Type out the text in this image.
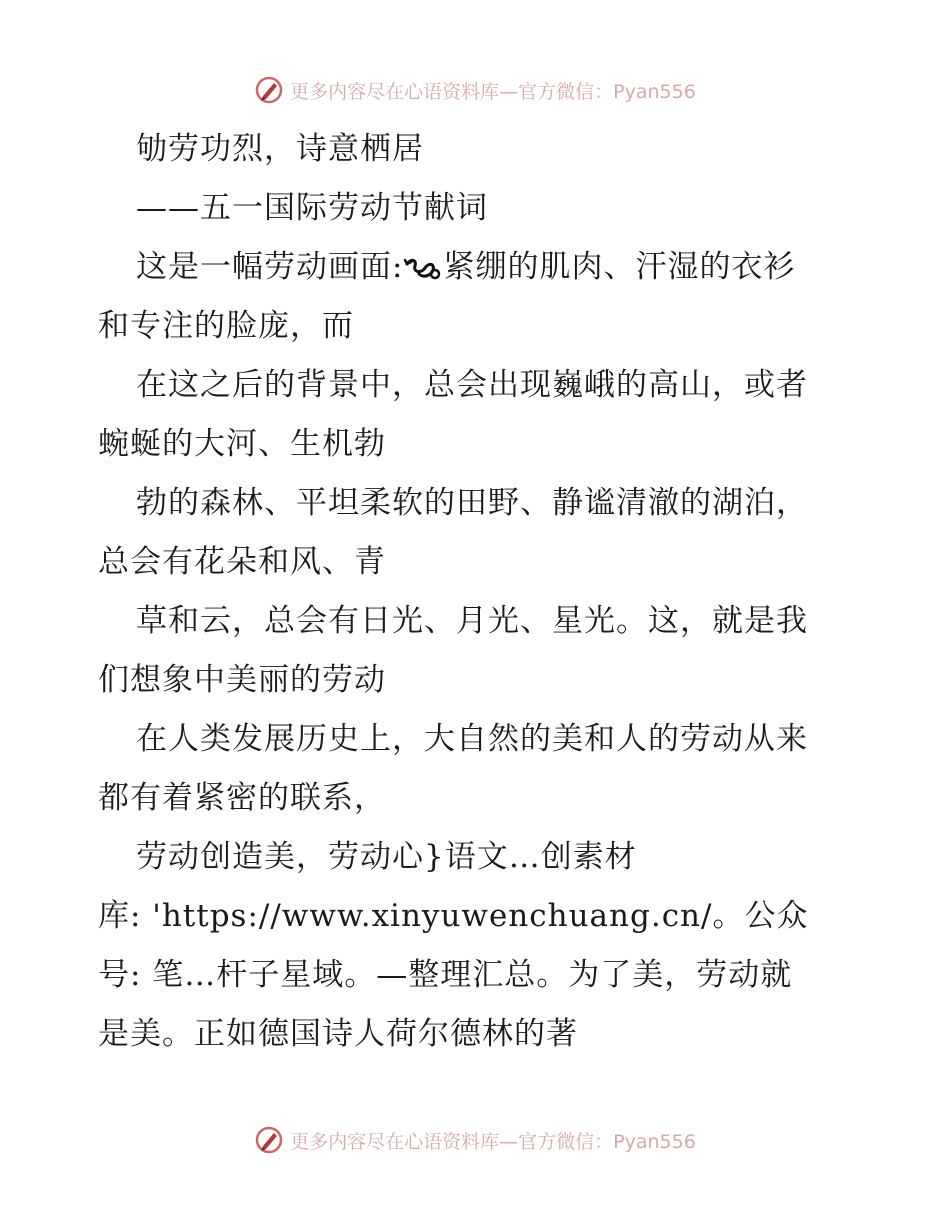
更多内容尽在心语资料库—官方微信：Pyan556
劬劳功烈，诗意栖居
——五一国际劳动节献词
这是一幅劳动画面: 紧绷的肌肉、汗湿的衣衫
和专注的脸庞，而
在这之后的背景中，总会出现巍峨的高山，或者
蜿蜒的大河、生机勃
勃的森林、平坦柔软的田野、静谧清澈的湖泊，
总会有花朵和风、青
草和云，总会有日光、月光、星光。这，就是我
们想象中美丽的劳动
在人类发展历史上，大自然的美和人的劳动从来
都有着紧密的联系，
劳动创造美，劳动心}语文…创素材
库: 'https://www.xinyuwenchuang.cn/。公众
号: 笔…杆子星域。—整理汇总。为了美，劳动就
是美。正如德国诗人荷尔德林的著
更多内容尽在心语资料库—官方微信：Pyan556
